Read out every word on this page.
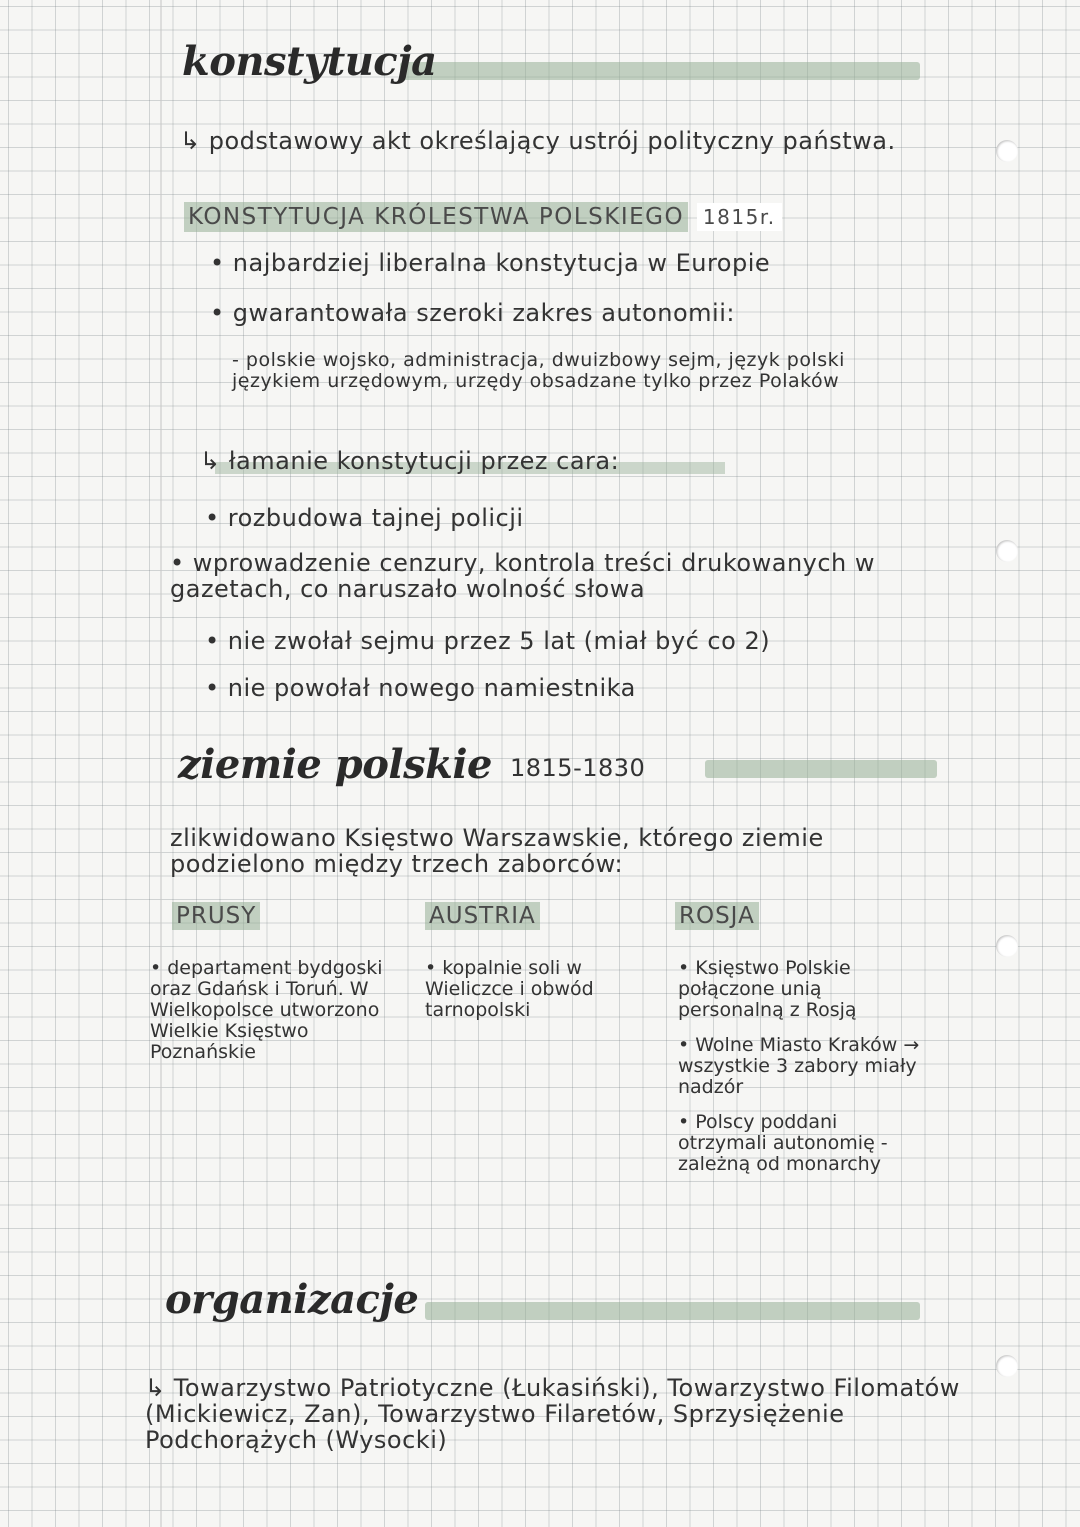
konstytucja
↳ podstawowy akt określający ustrój polityczny państwa.
KONSTYTUCJA KRÓLESTWA POLSKIEGO 1815r.
• najbardziej liberalna konstytucja w Europie
• gwarantowała szeroki zakres autonomii:
- polskie wojsko, administracja, dwuizbowy sejm, język polski językiem urzędowym, urzędy obsadzane tylko przez Polaków
↳ łamanie konstytucji przez cara:
• rozbudowa tajnej policji
• wprowadzenie cenzury, kontrola treści drukowanych w gazetach, co naruszało wolność słowa
• nie zwołał sejmu przez 5 lat (miał być co 2)
• nie powołał nowego namiestnika
ziemie polskie 1815-1830
zlikwidowano Księstwo Warszawskie, którego ziemie podzielono między trzech zaborców:
PRUSY	AUSTRIA	ROSJA

• departament bydgoski oraz Gdańsk i Toruń. W Wielkopolsce utworzono Wielkie Księstwo Poznańskie

• kopalnie soli w Wieliczce i obwód tarnopolski

• Księstwo Polskie połączone unią personalną z Rosją

• Wolne Miasto Kraków → wszystkie 3 zabory miały nadzór

• Polscy poddani otrzymali autonomię - zależną od monarchy

organizacje
↳ Towarzystwo Patriotyczne (Łukasiński), Towarzystwo Filomatów (Mickiewicz, Zan), Towarzystwo Filaretów, Sprzysiężenie Podchorążych (Wysocki)
